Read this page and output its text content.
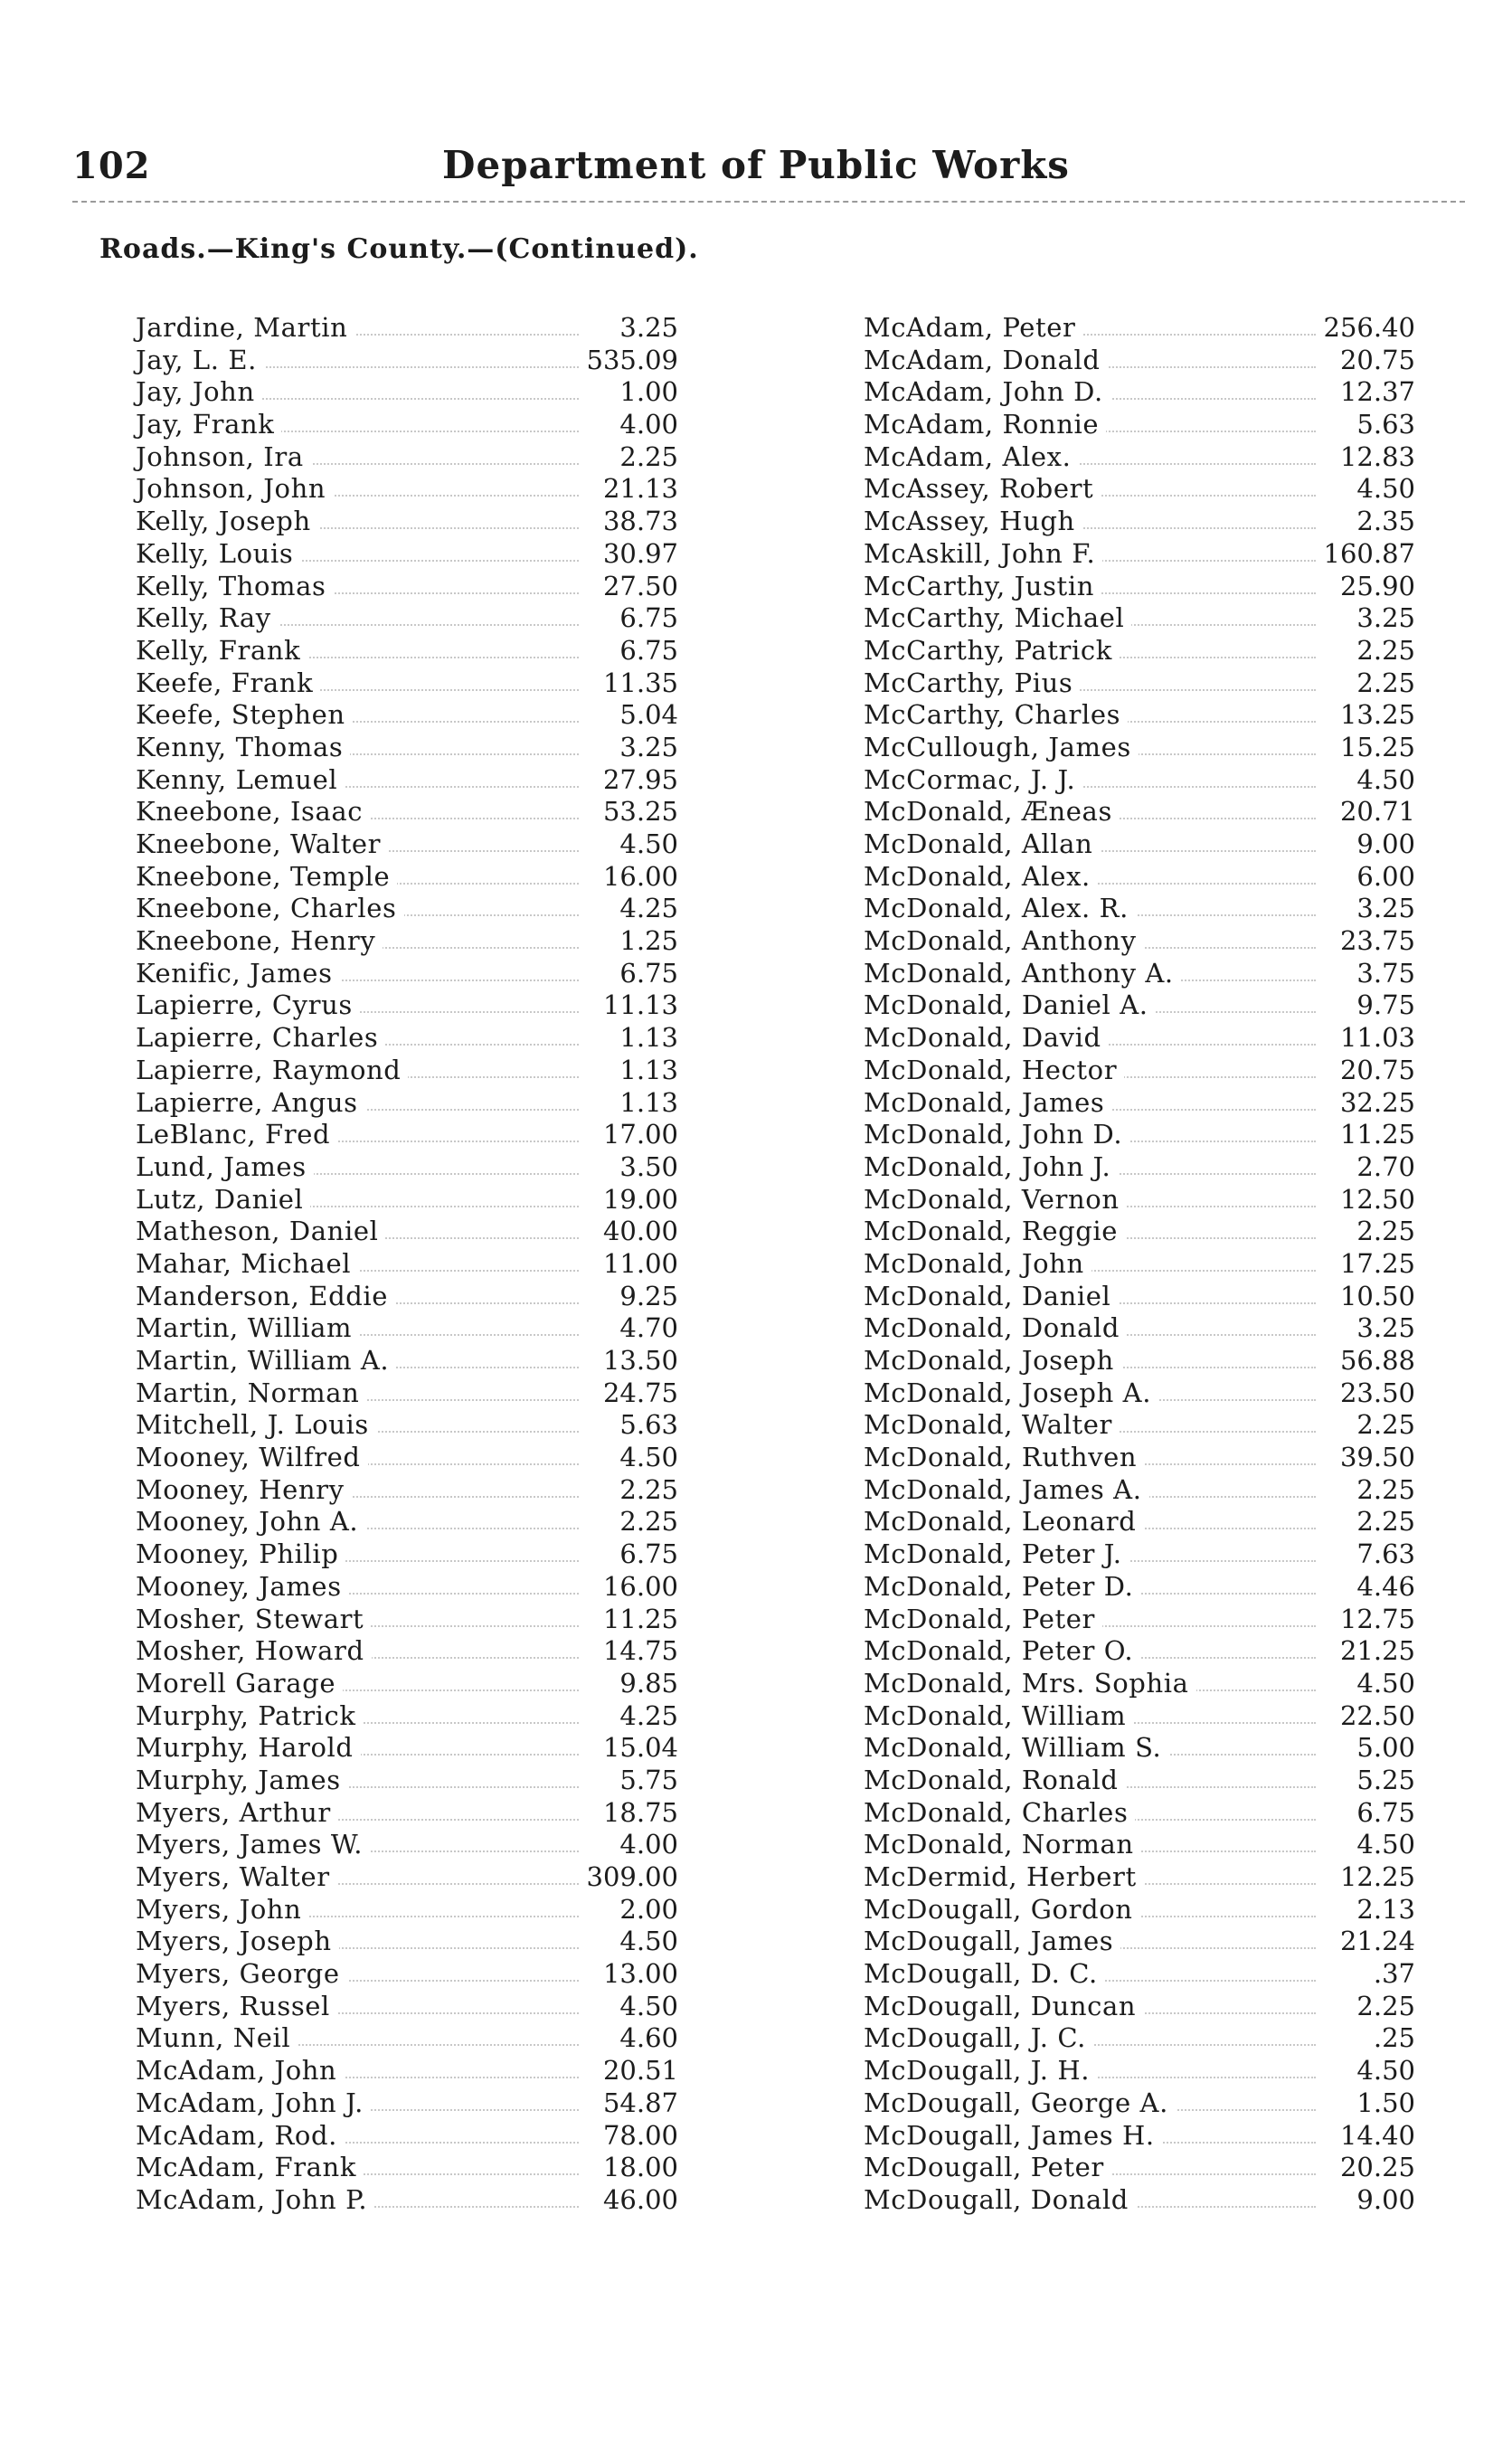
102	Department of Public Works
Roads.—King's County.—(Continued).
Jardine, Martin	3.25
Jay, L. E.	535.09
Jay, John	1.00
Jay, Frank	4.00
Johnson, Ira	2.25
Johnson, John	21.13
Kelly, Joseph	38.73
Kelly, Louis	30.97
Kelly, Thomas	27.50
Kelly, Ray	6.75
Kelly, Frank	6.75
Keefe, Frank	11.35
Keefe, Stephen	5.04
Kenny, Thomas	3.25
Kenny, Lemuel	27.95
Kneebone, Isaac	53.25
Kneebone, Walter	4.50
Kneebone, Temple	16.00
Kneebone, Charles	4.25
Kneebone, Henry	1.25
Kenific, James	6.75
Lapierre, Cyrus	11.13
Lapierre, Charles	1.13
Lapierre, Raymond	1.13
Lapierre, Angus	1.13
LeBlanc, Fred	17.00
Lund, James	3.50
Lutz, Daniel	19.00
Matheson, Daniel	40.00
Mahar, Michael	11.00
Manderson, Eddie	9.25
Martin, William	4.70
Martin, William A.	13.50
Martin, Norman	24.75
Mitchell, J. Louis	5.63
Mooney, Wilfred	4.50
Mooney, Henry	2.25
Mooney, John A.	2.25
Mooney, Philip	6.75
Mooney, James	16.00
Mosher, Stewart	11.25
Mosher, Howard	14.75
Morell Garage	9.85
Murphy, Patrick	4.25
Murphy, Harold	15.04
Murphy, James	5.75
Myers, Arthur	18.75
Myers, James W.	4.00
Myers, Walter	309.00
Myers, John	2.00
Myers, Joseph	4.50
Myers, George	13.00
Myers, Russel	4.50
Munn, Neil	4.60
McAdam, John	20.51
McAdam, John J.	54.87
McAdam, Rod.	78.00
McAdam, Frank	18.00
McAdam, John P.	46.00
McAdam, Peter	256.40
McAdam, Donald	20.75
McAdam, John D.	12.37
McAdam, Ronnie	5.63
McAdam, Alex.	12.83
McAssey, Robert	4.50
McAssey, Hugh	2.35
McAskill, John F.	160.87
McCarthy, Justin	25.90
McCarthy, Michael	3.25
McCarthy, Patrick	2.25
McCarthy, Pius	2.25
McCarthy, Charles	13.25
McCullough, James	15.25
McCormac, J. J.	4.50
McDonald, Æneas	20.71
McDonald, Allan	9.00
McDonald, Alex.	6.00
McDonald, Alex. R.	3.25
McDonald, Anthony	23.75
McDonald, Anthony A.	3.75
McDonald, Daniel A.	9.75
McDonald, David	11.03
McDonald, Hector	20.75
McDonald, James	32.25
McDonald, John D.	11.25
McDonald, John J.	2.70
McDonald, Vernon	12.50
McDonald, Reggie	2.25
McDonald, John	17.25
McDonald, Daniel	10.50
McDonald, Donald	3.25
McDonald, Joseph	56.88
McDonald, Joseph A.	23.50
McDonald, Walter	2.25
McDonald, Ruthven	39.50
McDonald, James A.	2.25
McDonald, Leonard	2.25
McDonald, Peter J.	7.63
McDonald, Peter D.	4.46
McDonald, Peter	12.75
McDonald, Peter O.	21.25
McDonald, Mrs. Sophia	4.50
McDonald, William	22.50
McDonald, William S.	5.00
McDonald, Ronald	5.25
McDonald, Charles	6.75
McDonald, Norman	4.50
McDermid, Herbert	12.25
McDougall, Gordon	2.13
McDougall, James	21.24
McDougall, D. C.	.37
McDougall, Duncan	2.25
McDougall, J. C.	.25
McDougall, J. H.	4.50
McDougall, George A.	1.50
McDougall, James H.	14.40
McDougall, Peter	20.25
McDougall, Donald	9.00
